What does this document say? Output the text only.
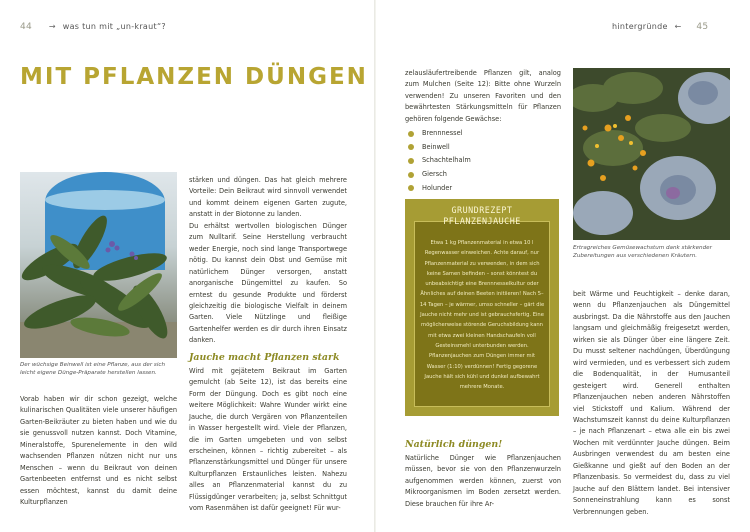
44 → was tun mit „un-kraut“?	hintergründe ← 45
MIT PFLANZEN DÜNGEN
Der wüchsige Beinwell ist eine Pflanze, aus der sich leicht eigene Dünge-Präparate herstellen lassen.

Vorab haben wir dir schon gezeigt, welche kulinarischen Qualitäten viele unserer häufigen Garten-Beikräuter zu bieten haben und wie du sie genussvoll nutzen kannst. Doch Vitamine, Mineralstoffe, Spurenelemente in den wild wachsenden Pflanzen nützen nicht nur uns Menschen – wenn du Beikraut von deinen Gartenbeeten entfernst und es nicht selbst essen möchtest, kannst du damit deine Kulturpflanzen

stärken und düngen. Das hat gleich mehrere Vorteile: Dein Beikraut wird sinnvoll verwendet und kommt deinem eigenen Garten zugute, anstatt in der Biotonne zu landen.

Du erhältst wertvollen biologischen Dünger zum Nulltarif. Seine Herstellung verbraucht weder Energie, noch sind lange Transportwege nötig. Du kannst dein Obst und Gemüse mit natürlichem Dünger versorgen, anstatt anorganische Düngemittel zu kaufen. So erntest du gesunde Produkte und förderst gleichzeitig die biologische Vielfalt in deinem Garten. Viele Nützlinge und fleißige Gartenhelfer werden es dir durch ihren Einsatz danken.

Jauche macht Pflanzen stark

Wird mit gejätetem Beikraut im Garten gemulcht (ab Seite 12), ist das bereits eine Form der Düngung. Doch es gibt noch eine weitere Möglichkeit: Wahre Wunder wirkt eine Jauche, die durch Vergären von Pflanzenteilen in Wasser hergestellt wird. Viele der Pflanzen, die im Garten umgebeten und von selbst erscheinen, können – richtig zubereitet – als Pflanzenstärkungsmittel und Dünger für unsere Kulturpflanzen Erstaunliches leisten. Nahezu alles an Pflanzenmaterial kannst du zu Flüssigdünger verarbeiten; ja, selbst Schnittgut vom Rasenmähen ist dafür geeignet! Für wur-

zelausläufertreibende Pflanzen gilt, analog zum Mulchen (Seite 12): Bitte ohne Wurzeln verwenden! Zu unseren Favoriten und den bewährtesten Stärkungsmitteln für Pflanzen gehören folgende Gewächse:

Brennnessel
Beinwell
Schachtelhalm
Giersch
Holunder
GRUNDREZEPT
PFLANZENJAUCHE
Etwa 1 kg Pflanzenmaterial in etwa 10 l Regenwasser einweichen. Achte darauf, nur Pflanzenmaterial zu verwenden, in dem sich keine Samen befinden – sonst könntest du unbeabsichtigt eine Brennnesselkultur oder Ähnliches auf deinen Beeten initiieren! Nach 5–14 Tagen – je wärmer, umso schneller – gärt die Jauche nicht mehr und ist gebrauchsfertig. Eine möglicherweise störende Geruchsbildung kann mit etwa zwei kleinen Handschaufeln voll Gesteinsmehl unterbunden werden. Pflanzenjauchen zum Düngen immer mit Wasser (1:10) verdünnen! Fertig gegorene Jauche hält sich kühl und dunkel aufbewahrt mehrere Monate.
Natürlich düngen!

Natürliche Dünger wie Pflanzenjauchen müssen, bevor sie von den Pflanzenwurzeln aufgenommen werden können, zuerst von Mikroorganismen im Boden zersetzt werden. Diese brauchen für ihre Ar-

Ertragreiches Gemüsewachstum dank stärkender Zubereitungen aus verschiedenen Kräutern.

beit Wärme und Feuchtigkeit – denke daran, wenn du Pflanzenjauchen als Düngemittel ausbringst. Da die Nährstoffe aus den Jauchen langsam und gleichmäßig freigesetzt werden, wirken sie als Dünger über eine längere Zeit. Du musst seltener nachdüngen, Überdüngung wird vermieden, und es verbessert sich zudem die Bodenqualität, in der Humusanteil gesteigert wird. Generell enthalten Pflanzenjauchen neben anderen Nährstoffen viel Stickstoff und Kalium. Während der Wachstumszeit kannst du deine Kulturpflanzen – je nach Pflanzenart – etwa alle ein bis zwei Wochen mit verdünnter Jauche düngen. Beim Ausbringen verwendest du am besten eine Gießkanne und gießt auf den Boden an der Pflanzenbasis. So vermeidest du, dass zu viel Jauche auf den Blättern landet. Bei intensiver Sonneneinstrahlung kann es sonst Verbrennungen geben.
